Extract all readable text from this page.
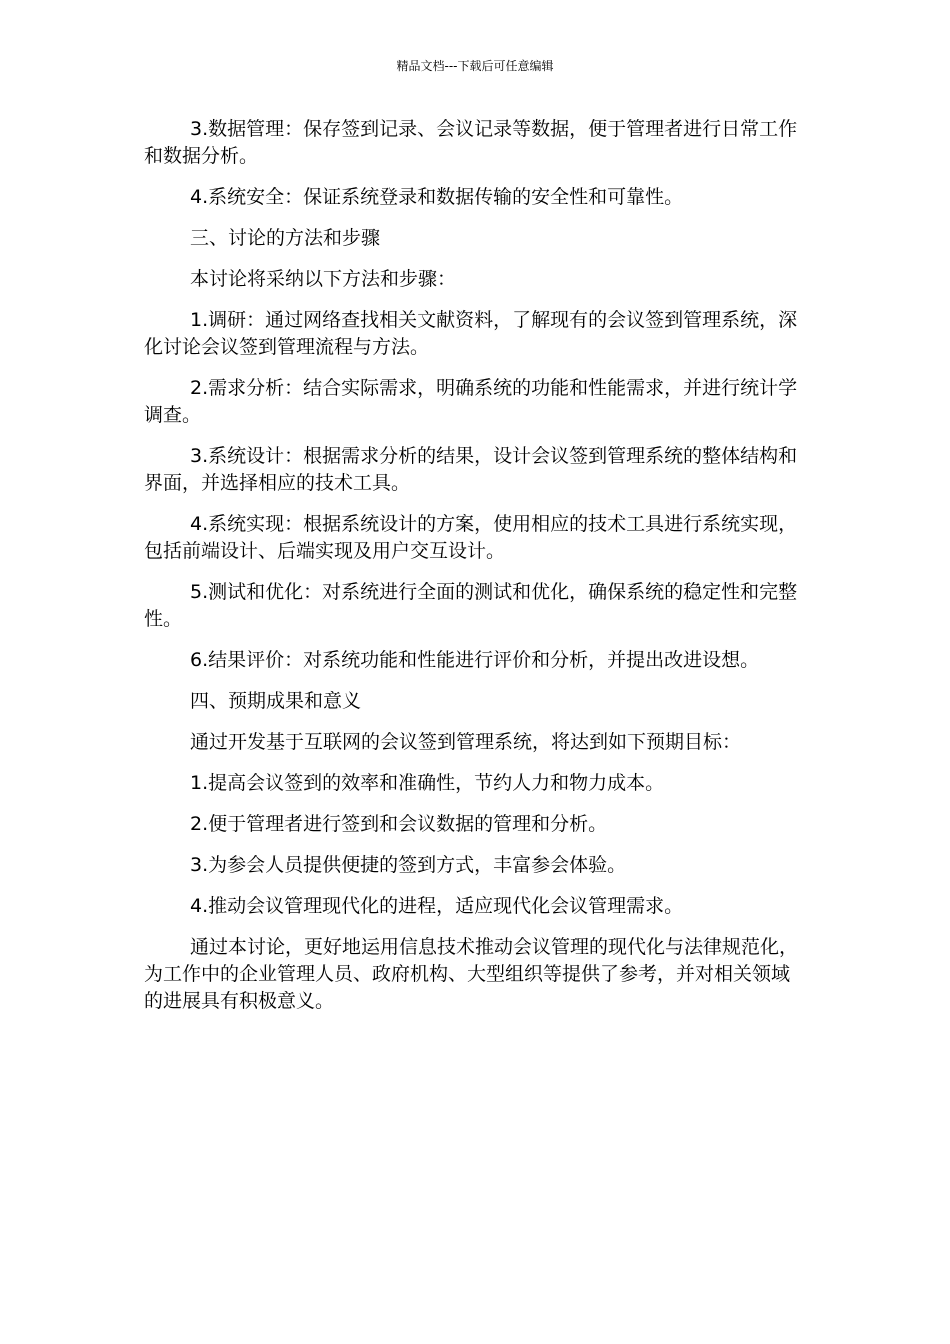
精品文档---下载后可任意编辑

3.数据管理：保存签到记录、会议记录等数据，便于管理者进行日常工作和数据分析。

4.系统安全：保证系统登录和数据传输的安全性和可靠性。

三、讨论的方法和步骤

本讨论将采纳以下方法和步骤：

1.调研：通过网络查找相关文献资料，了解现有的会议签到管理系统，深化讨论会议签到管理流程与方法。

2.需求分析：结合实际需求，明确系统的功能和性能需求，并进行统计学调查。

3.系统设计：根据需求分析的结果，设计会议签到管理系统的整体结构和界面，并选择相应的技术工具。

4.系统实现：根据系统设计的方案，使用相应的技术工具进行系统实现，包括前端设计、后端实现及用户交互设计。

5.测试和优化：对系统进行全面的测试和优化，确保系统的稳定性和完整性。

6.结果评价：对系统功能和性能进行评价和分析，并提出改进设想。

四、预期成果和意义

通过开发基于互联网的会议签到管理系统，将达到如下预期目标：

1.提高会议签到的效率和准确性，节约人力和物力成本。

2.便于管理者进行签到和会议数据的管理和分析。

3.为参会人员提供便捷的签到方式，丰富参会体验。

4.推动会议管理现代化的进程，适应现代化会议管理需求。

通过本讨论，更好地运用信息技术推动会议管理的现代化与法律规范化，为工作中的企业管理人员、政府机构、大型组织等提供了参考，并对相关领域的进展具有积极意义。
